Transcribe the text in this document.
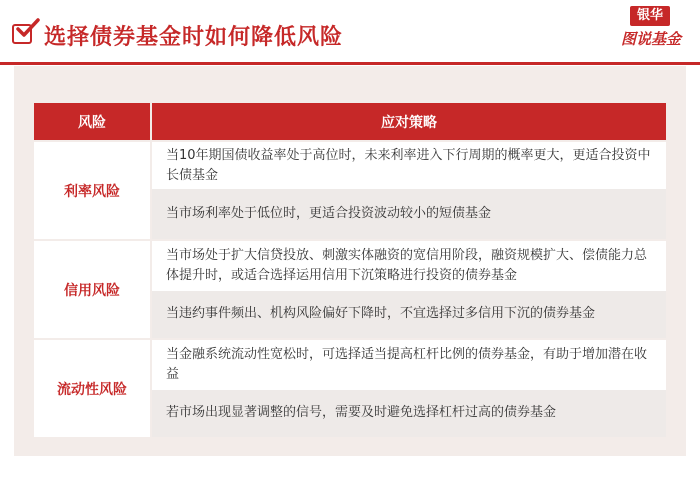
选择债券基金时如何降低风险
银华
图说基金
风险	应对策略
利率风险	当10年期国债收益率处于高位时，未来利率进入下行周期的概率更大，更适合投资中长债基金
	当市场利率处于低位时，更适合投资波动较小的短债基金
信用风险	当市场处于扩大信贷投放、刺激实体融资的宽信用阶段，融资规模扩大、偿债能力总体提升时，或适合选择运用信用下沉策略进行投资的债券基金
	当违约事件频出、机构风险偏好下降时，不宜选择过多信用下沉的债券基金
流动性风险	当金融系统流动性宽松时，可选择适当提高杠杆比例的债券基金，有助于增加潜在收益
	若市场出现显著调整的信号，需要及时避免选择杠杆过高的债券基金
